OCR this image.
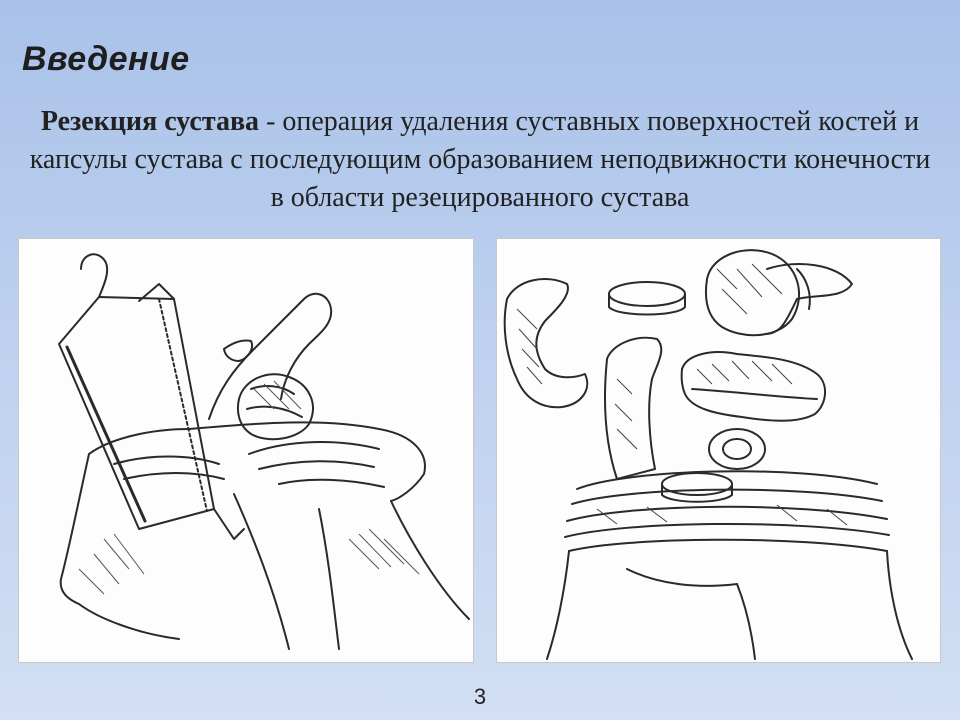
Введение
Резекция сустава - операция удаления суставных поверхностей костей и капсулы сустава с последующим образованием неподвижности конечности в области резецированного сустава
3
